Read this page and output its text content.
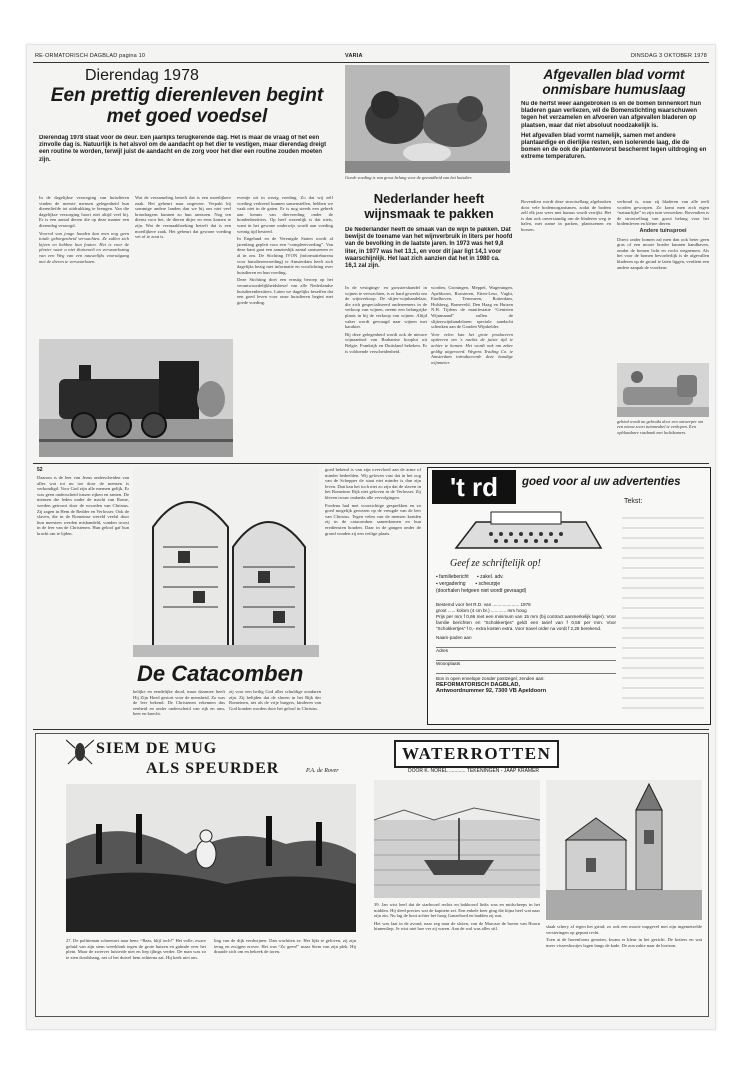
RE·ORMATORISCH DAGBLAD pagina 10	VARIA	DINSDAG 3 OKTOBER 1978
Dierendag 1978
Een prettig dierenleven begint met goed voedsel
Dierendag 1978 staat voor de deur. Een jaarlijks terugkerende dag. Het is maar de vraag of het een zinvolle dag is. Natuurlijk is het alsvol om de aandacht op het dier te vestigen, maar dierendag dreigt een routine te worden, terwijl juist de aandacht en de zorg voor het dier een routine zouden moeten zijn.

In de dagelijkse verzorging van huisdieren vinden de meeste mensen gelegenheid hun dierenliefde tot uitdrukking te brengen. Van die dagelijkse verzorging hoort niet altijd veel bij. Er is een aantal dieren die op deze manier een dierendag verzorgd.

Voorral van jonge honden kan men nog geen totale geborgenheid verwachten. Ze zullen zich kijven en hebben hun fouten. Het is voor de plezier waar u niet thuisvoelt en verwaarlozing van een Weg van een nauwelijks vooruitgang met de dieren te verwaarlozen.

Wat de verzameling betreft dat is een moeilijkere zaak. Het gebeurt naar ongeveer. Verpakt bij sommige andere landen dan we bij ons niet veel brondragens kunnen zo hun rantsoen. Nog ten dienst voor het, de dieren ditjer en eens komen te zijn. Wat de vermaakhoeking betreft dat is een moeilijkere zaak. Het gebeurt dat gewone voeding vet of te zout is.

eventje uit in wezig voeding. Zo dat wij zelf voeding verkeerd kunnen samenstellen, hebben we vaak niet in de gaten. Er is nog steeds een gebrek aan kennis van diervoeding onder de hondenbezitters. Op heel wezenlijk is dat niets, want in het gewone onderwijs wordt aan voeding weinig tijd besteed.

In Engeland en de Verenigde Staten wordt al jarenlang gepleit voor een “compleetvoeding”. Van deze kant gaat een aanzienlijk aantal rantsoenen er al in om. De Stichting IVON (informatiebureau voor huisdierenvoeding) te Amsterdam heeft zich dagelijks bezig met informatie en voorlichting over huisdieren en hun voeding.

Deze Stichting doet een ernstig beroep op het verantwoordelijkheidsbesef van alle Nederlandse huisdierenbezitters. Laten we dagelijks beseffen dat een goed leven voor onze huisdieren begint met goede voeding.

Goede voeding is van groot belang voor de gezondheid van het huisdier.
Nederlander heeft wijnsmaak te pakken
De Nederlander heeft de smaak van de wijn te pakken. Dat bewijst de toename van het wijnverbruik in liters per hoofd van de bevolking in de laatste jaren. In 1973 was het 9,8 liter, in 1977 was het 13,1, en voor dit jaar ligt 14,1 voor waarschijnlijk. Het laat zich aanzien dat het in 1980 ca. 16,1 zal zijn.

In de vestigings- en grossiershandel in wijnen te verwachten, is er hard gewerkt om de wijnverkoop. De slijter-wijnhandelaar, die zich gespecialiseerd ondernemers in de verkoop van wijnen, neemt een belangrijke plaats in bij de verkoop van wijnen. Altijd vaker wordt gevraagd naar wijnen met karakter.

Bij deze gelegenheid wordt ook de nieuwe wijnaanbod van Brabantse kooplui uit Belgie, Frankrijk en Duitsland bekeken. Er is voldoende verscheidenheid.

worden, Groningen, Meppel, Wageningen, Apeldoorn, Roosteren, Etten-Leur, Vught, Eindhoven, Terneuzen, Rotterdam, Hulsberg, Barneveld, Den Haag en Huizen N.H. Tijdens de manifestatie “Genieten Wijnmaand” zullen de slijterswijnhandelaren speciale aandacht schenken aan de Gouden Wijnkelder.

Voor velen kan het grote produceren optieeren om 's nachts de juiste tijd te achter te komen. Het wordt ook om zeker geldig uitgevoerd. Wegens Trading Co. te Amsterdam introduceerde deze handige wijnmeter.

Afgevallen blad vormt onmisbare humuslaag

Nu de herfst weer aangebroken is en de bomen binnenkort hun bladeren gaan verliezen, wil de Bomenstichting waarschuwen tegen het verzamelen en afvoeren van afgevallen bladeren op plaatsen, waar dat niet absoluut noodzakelijk is.

Het afgevallen blad vormt namelijk, samen met andere plantaardige en dierlijke resten, een isolerende laag, die de bomen en de ook de plantenvorst beschermt tegen uitdroging en extreme temperaturen.

Bovendien wordt deze strooisellaag afgebroken door vele bodemorganismen, zodat de bodem zelf elk jaar weer met humus wordt verrijkt. Het is dan ook onverstandig om de bladeren weg te halen, met name in parken, plantsoenen en bossen.

verbond is, waar zij bladeren van alle teelt worden geworpen. Zo komt men zich eigen “natuurlijke” in zijn tuin verwerken. Bovendien is de strooisellaag van groot belang voor het bodemleven en kleine dieren.

Andere tuinsproei

Direct onder bomen zal men dan ook beter geen gras of een mooie border kunnen handhaven, omdat de bomen licht en vocht wegnemen. Als het voor de bomen bevorderlijk is de afgevallen bladeren op de grond te laten liggen, verdient een andere aanpak de voorkeur.

gebied wordt nu gebruikt door een ontwerper om een nieuw soort tuinmeubel te verkopen. Een opblaasbare rustbank met luchtkamers.
52
Daarom is de leer van Jezus onderscheiden van alles wat tot nu toe door de mensen is verkondigd. Voor God zijn alle mensen gelijk. Er was geen onderscheid tussen rijken en armen. De mensen die leden onder de macht van Rome, werden getroost door de woorden van Christus. Zij zagen in Hem de Redder en Verlosser. Ook de slaven, die in de Romeinse wereld veelal door hun meesters werden mishandeld, vonden troost in de leer van de Christenen. Hun geloof gaf hun kracht om te lijden.
De Catacomben
kelijke en eendelijke dood, maar daarmee heeft Hij Zijn Hoed gestort voor de mensheid. Zo was de leer bekend. De Christenen erkennen dus eenheid en onder onderscheid van rijk en arm, heer en knecht.
zij voor een heilig God alles schuldige zondaren zijn. Zij belijden dat de slaven in het Rijk der Romeinen, net als de vrije burgers, kinderen van God konden worden door het geloof in Christus.

goed bekend is van zijn overvloed aan de arme of minder bedeelden. Wij geloven vast dat in het oog van de Schepper de staat niet minder is dan zijn leven. Dan kan het toch niet zo zijn dat de slaven in het Romeinse Rijk niet geloven in de Verlosser. Zij bleven trouw ondanks alle vervolgingen.

Frodena had met voorzichtige gesprekken en zo goed mogelijk gewezen op de vreugde van de leer van Christus. Tegen velen van de mensen konden zij in de catacomben samenkomen en hun erediensten houden. Daar in de gangen onder de grond vonden zij een veilige plaats.

't rd	goed voor al uw advertenties
Tekst:
Geef ze schriftelijk op!
▪ familiebericht ▪ zakel. adv.
▪ vergadering ▪ scheurpje
(doorhalen hetgeen niet wordt gevraagd)
Bestemd voor het R.D. van ..................... 1978
groot ...... kolom (4 cm br.) ............ mm hoog
Prijs per mm f 0,66 met een minimum van 15 mm (bij contract aanmerkelijk lager). Voor familie berichten en “Schokkertjes” geldt een tarief van f 0,56 per mm. Voor “Schokkertjes” f 0,- extra kosten extra. Voor travel order na vordt f 2,25 berekend.
Naam-paden aan
Adres
Woonplaats
Bon in open envelope zonder postzegel, zenden aan:
REFORMATORISCH DAGBLAD,
Antwoordnummer 92, 7300 VB Apeldoorn
SIEM DE MUG
ALS SPEURDER	P.A. de Rover
27. De politieman schreeuwt naar hem: “Baas, blijf toch!” Het volle, zware geluid van zijn stem weerklonk tegen de grote huizen en galmde over het plein. Maar de zwerver luisterde niet en liep ijlings verder. De man was zo te zien doodsbang, net of het duivel hem achterna zat. Hij keek niet om.
ling van de dijk verdwijnen. Dan wachtten ze. Het lijkt te geloven, zij zijn terug en zwijgen erover. Het was “Zo geen!” maar Siem van zijn plek. Hij draaide zich om en bekeek de toren.
WATERROTTEN
DOOR K. NOREL ............ TEKENINGEN - JAAP KRAMER

39. Jan wist heel dat de starboord rechts en bakboord links was en midscheeps in het midden. Hij deed precies wat de kapitein zei. Een enkele keer ging die bijna heel wat naar zijn zin. Nu lag de boot achter het hoog Ganzebord en hadden zij rust.

Het was laat in de avond, naar zeg naar de sloten, van de Marcaar de haven van Hoorn binnenliep. Je wist niet hoe ver zij waren. Aan de wal was alles stil.	slaak schery af tegen het grind; zo ook een mooie trapgevel met zijn ingemetselde versieringen op gepunt recht.

Toen at de havenloons genoten, kwam er kleur in het gezicht. De kotters en wat meer vissersbootjes lagen langs de kade. De zon zakte naar de horizon.
